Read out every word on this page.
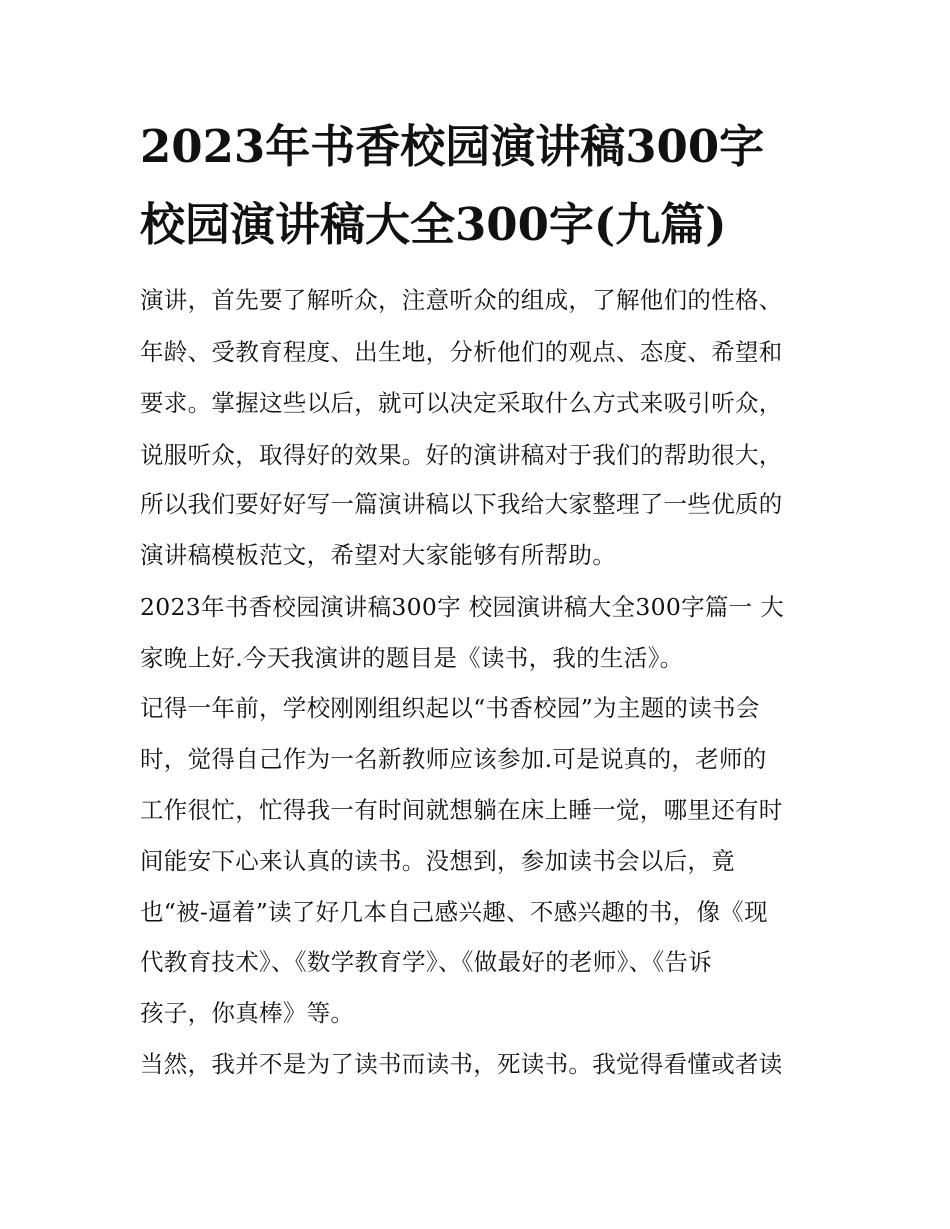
2023年书香校园演讲稿300字
校园演讲稿大全300字(九篇)
演讲，首先要了解听众，注意听众的组成，了解他们的性格、
年龄、受教育程度、出生地，分析他们的观点、态度、希望和
要求。掌握这些以后，就可以决定采取什么方式来吸引听众，
说服听众，取得好的效果。好的演讲稿对于我们的帮助很大，
所以我们要好好写一篇演讲稿以下我给大家整理了一些优质的
演讲稿模板范文，希望对大家能够有所帮助。
2023年书香校园演讲稿300字 校园演讲稿大全300字篇一 大
家晚上好.今天我演讲的题目是《读书，我的生活》。
记得一年前，学校刚刚组织起以“书香校园”为主题的读书会
时，觉得自己作为一名新教师应该参加.可是说真的，老师的
工作很忙，忙得我一有时间就想躺在床上睡一觉，哪里还有时
间能安下心来认真的读书。没想到，参加读书会以后，竟
也“被-逼着”读了好几本自己感兴趣、不感兴趣的书，像《现
代教育技术》、《数学教育学》、《做最好的老师》、《告诉
孩子，你真棒》等。
当然，我并不是为了读书而读书，死读书。我觉得看懂或者读
